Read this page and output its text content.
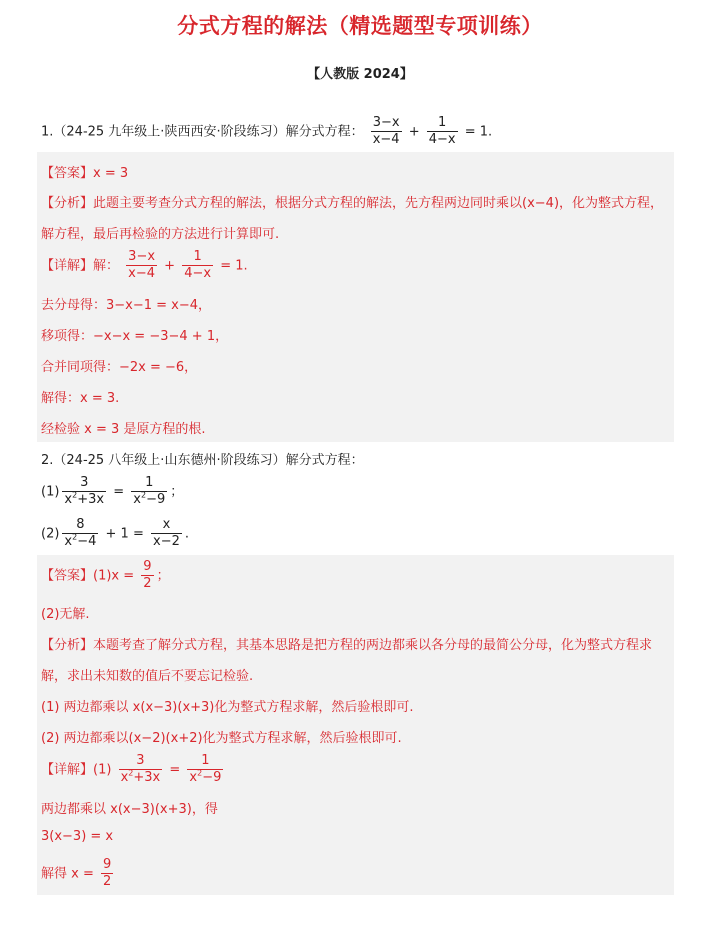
分式方程的解法（精选题型专项训练）
【人教版 2024】
1.（24-25 九年级上·陕西西安·阶段练习）解分式方程： $\frac{3-x}{x-4} + \frac{1}{4-x} = 1$.
【答案】x = 3
【分析】此题主要考查分式方程的解法，根据分式方程的解法，先方程两边同时乘以(x−4)，化为整式方程，
解方程，最后再检验的方法进行计算即可.
【详解】解： $\frac{3-x}{x-4} + \frac{1}{4-x} = 1$.
去分母得：3−x−1 = x−4，
移项得：−x−x = −3−4 + 1，
合并同项得：−2x = −6，
解得：x = 3.
经检验 x = 3 是原方程的根.
2.（24-25 八年级上·山东德州·阶段练习）解分式方程：
$(1) \frac{3}{x^2+3x} = \frac{1}{x^2-9}$ ；
$(2) \frac{8}{x^2-4} + 1 = \frac{x}{x-2}$ .
【答案】$(1)x = \frac{9}{2}$ ；
(2)无解.
【分析】本题考查了解分式方程，其基本思路是把方程的两边都乘以各分母的最简公分母，化为整式方程求
解，求出未知数的值后不要忘记检验.
(1) 两边都乘以 x(x−3)(x+3)化为整式方程求解，然后验根即可.
(2) 两边都乘以(x−2)(x+2)化为整式方程求解，然后验根即可.
【详解】$(1) \frac{3}{x^2+3x} = \frac{1}{x^2-9}$
两边都乘以 x(x−3)(x+3)，得
3(x−3) = x
解得 $x = \frac{9}{2}$
